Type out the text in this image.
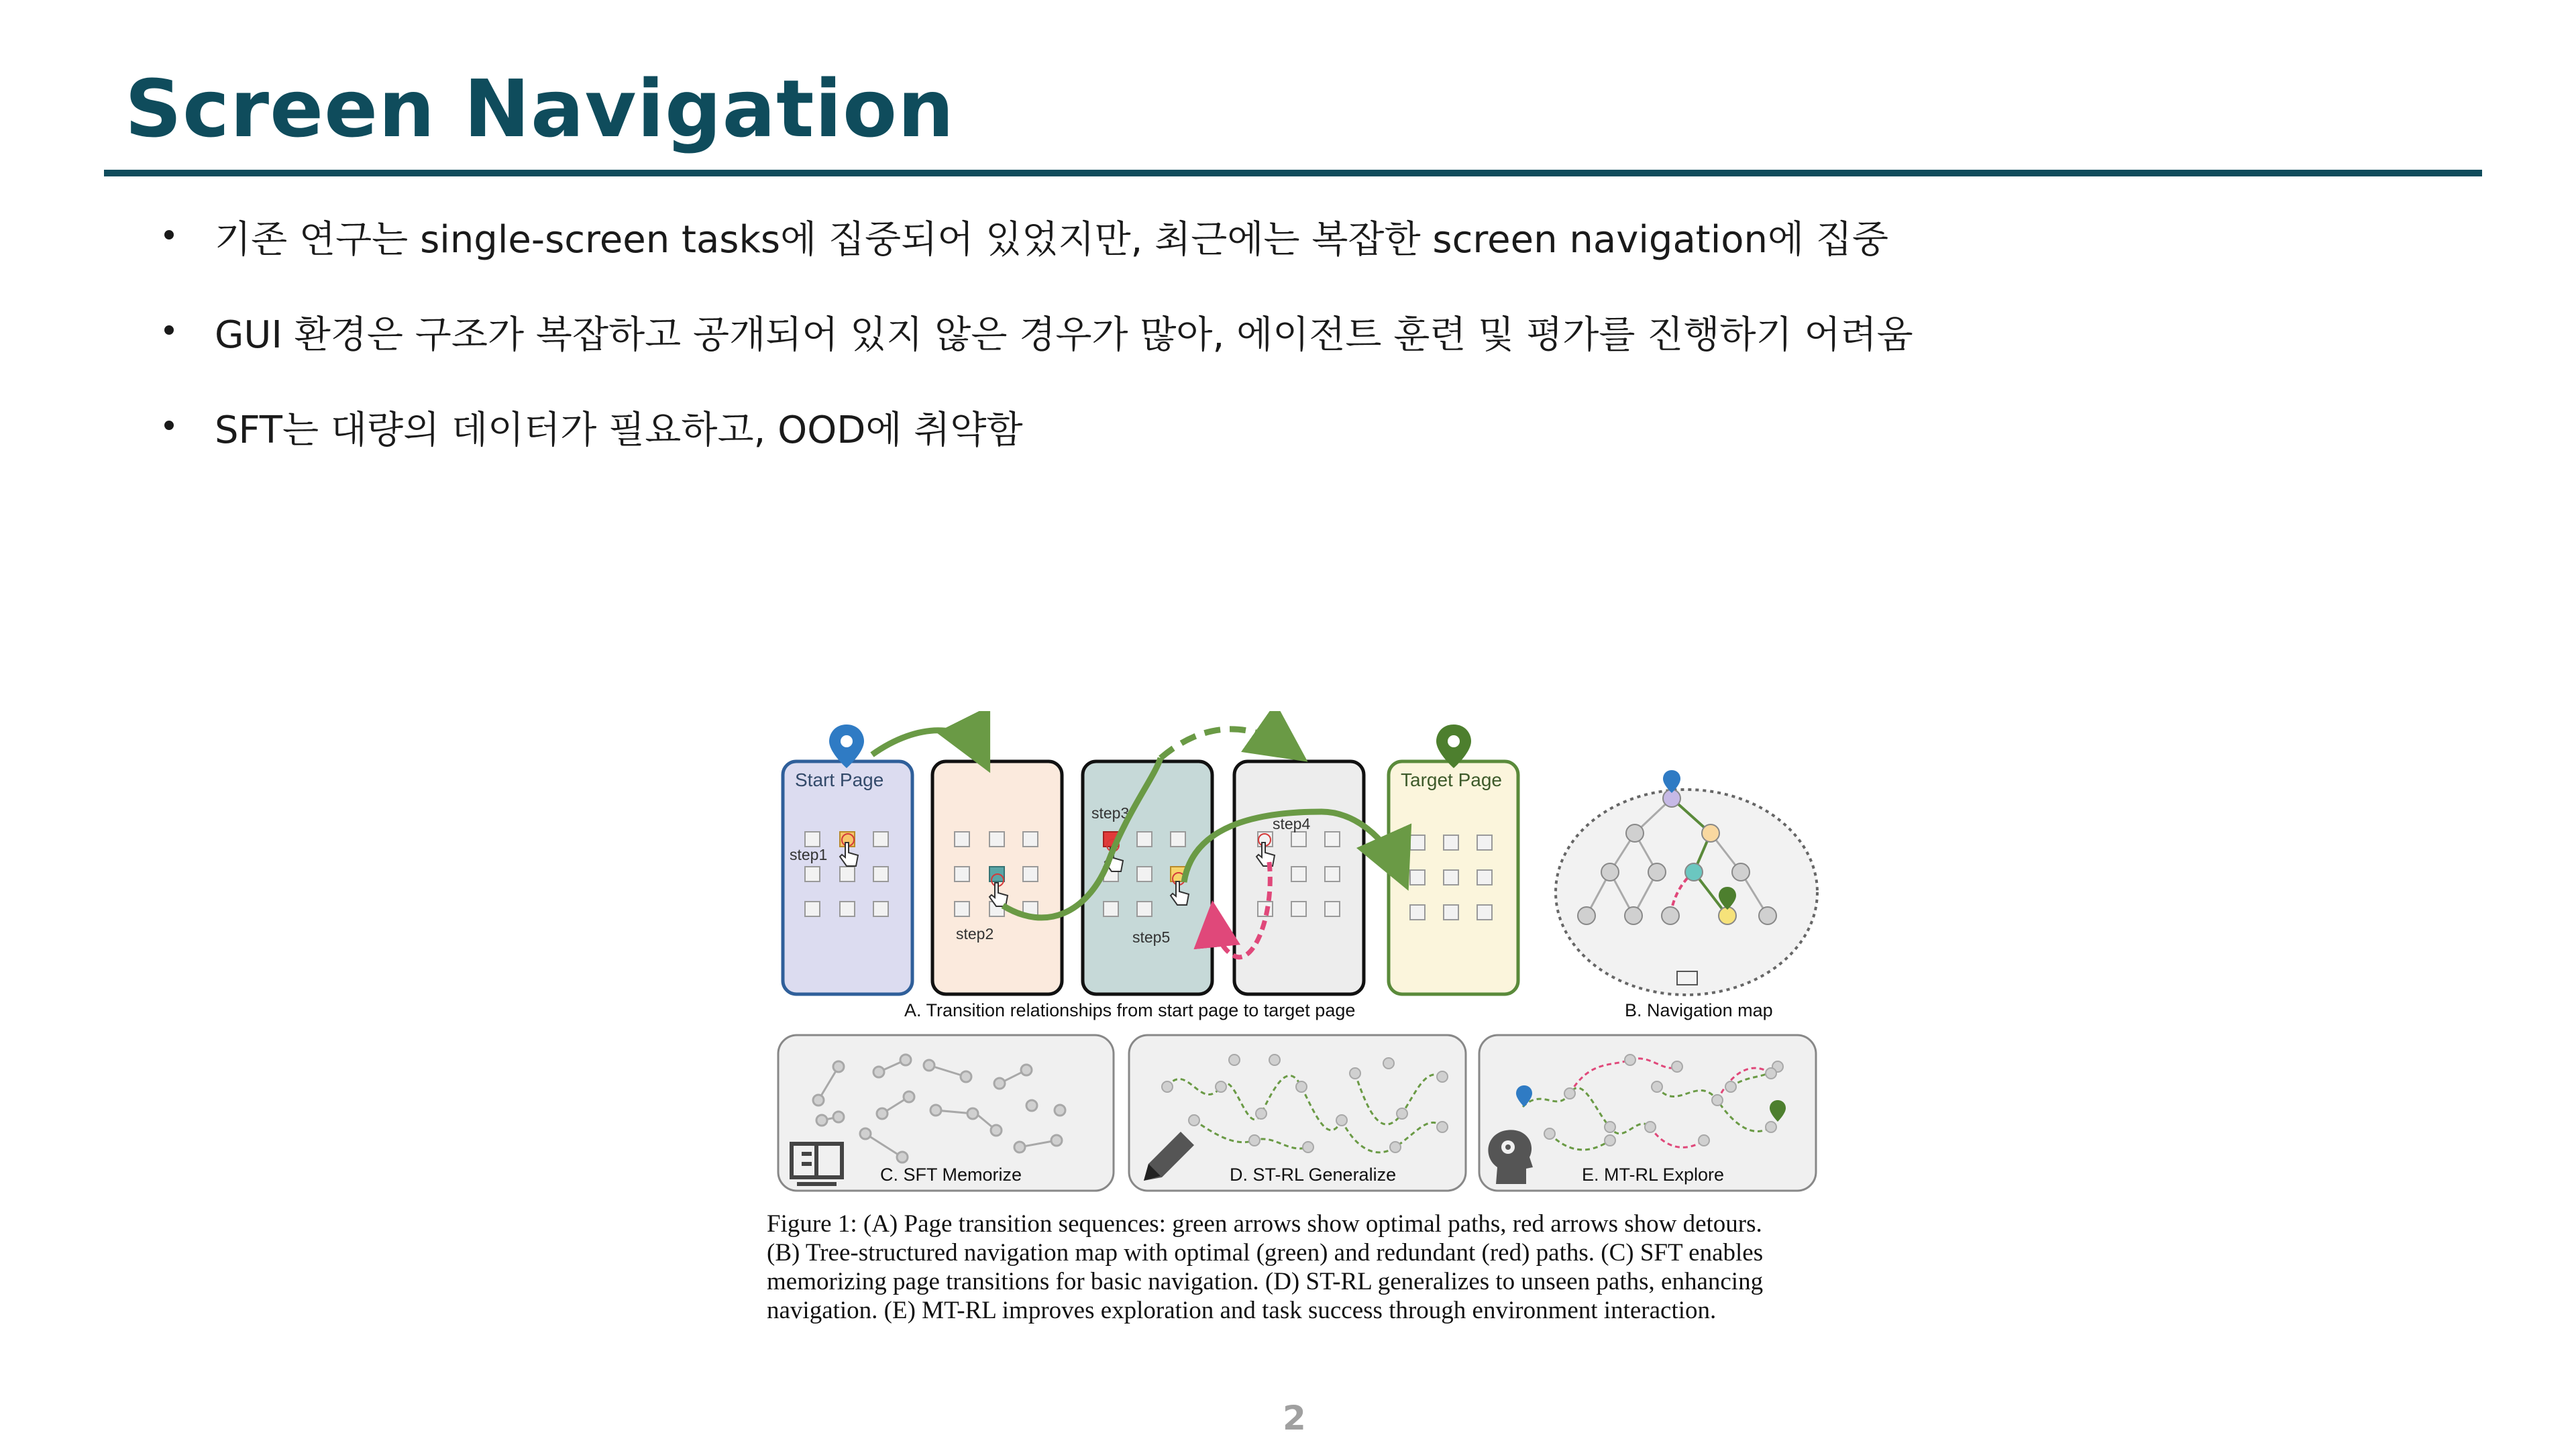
Screen Navigation
기존 연구는 single-screen tasks에 집중되어 있었지만, 최근에는 복잡한 screen navigation에 집중
GUI 환경은 구조가 복잡하고 공개되어 있지 않은 경우가 많아, 에이전트 훈련 및 평가를 진행하기 어려움
SFT는 대량의 데이터가 필요하고, OOD에 취약함
Start Page	Target Page
step1
step2
step3
step4
step5
A. Transition relationships from start page to target page	B. Navigation map
C. SFT Memorize	D. ST-RL Generalize	E. MT-RL Explore
Figure 1: (A) Page transition sequences: green arrows show optimal paths, red arrows show detours.
(B) Tree-structured navigation map with optimal (green) and redundant (red) paths. (C) SFT enables
memorizing page transitions for basic navigation. (D) ST-RL generalizes to unseen paths, enhancing
navigation. (E) MT-RL improves exploration and task success through environment interaction.
2
